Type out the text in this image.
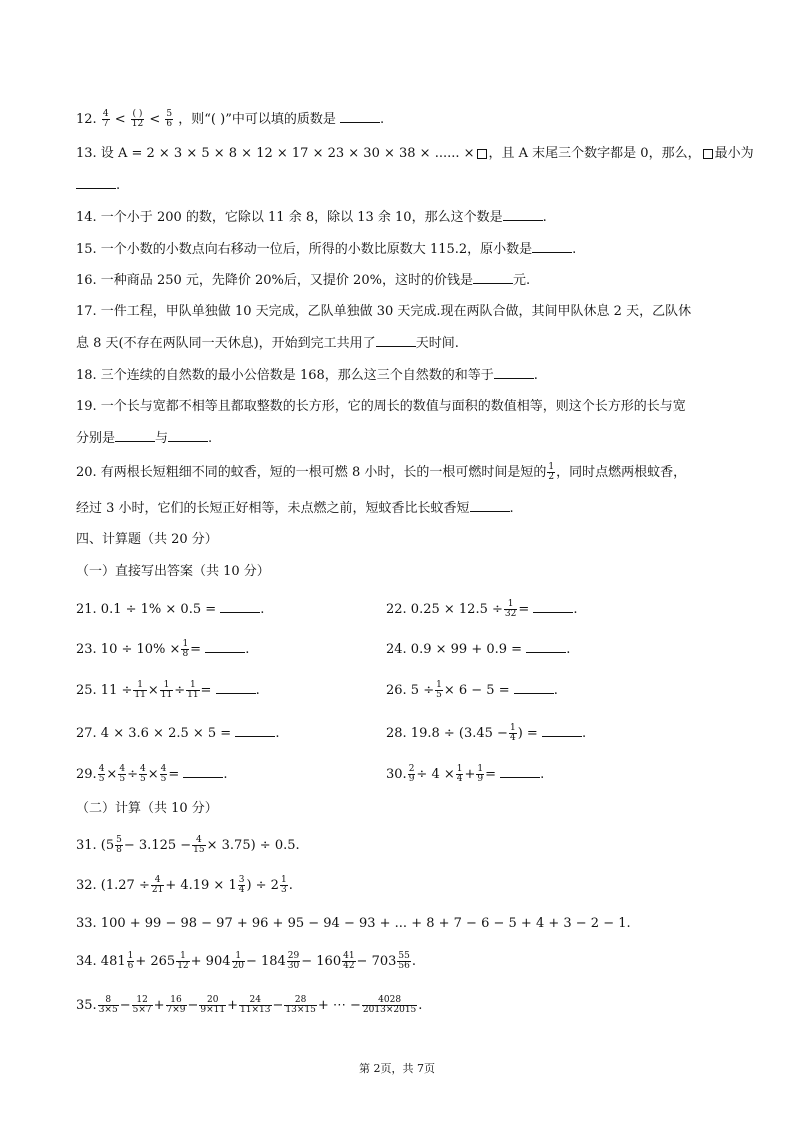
12. $\frac{4}{7} < \frac{( )}{12} < \frac{5}{6}$ ，则“( )”中可以填的质数是	.
13. 设 A = 2 × 3 × 5 × 8 × 12 × 17 × 23 × 30 × 38 × ...... × ，且 A 末尾三个数字都是 0，那么， 最小为
.
14. 一个小于 200 的数，它除以 11 余 8，除以 13 余 10，那么这个数是	.
15. 一个小数的小数点向右移动一位后，所得的小数比原数大 115.2，原小数是	.
16. 一种商品 250 元，先降价 20%后，又提价 20%，这时的价钱是	元.
17. 一件工程，甲队单独做 10 天完成，乙队单独做 30 天完成.现在两队合做，其间甲队休息 2 天，乙队休
息 8 天(不存在两队同一天休息)，开始到完工共用了	天时间.
18. 三个连续的自然数的最小公倍数是 168，那么这三个自然数的和等于	.
19. 一个长与宽都不相等且都取整数的长方形，它的周长的数值与面积的数值相等，则这个长方形的长与宽
分别是	与	.
20. 有两根长短粗细不同的蚊香，短的一根可燃 8 小时，长的一根可燃时间是短的 $\frac{1}{2}$ ，同时点燃两根蚊香，
经过 3 小时，它们的长短正好相等，未点燃之前，短蚊香比长蚊香短	.
四、计算题（共 20 分）
（一）直接写出答案（共 10 分）
21. 0.1 ÷ 1% × 0.5 =	.	22. $0.25 \times 12.5 \div \frac{1}{32}$ =	.
23. $10 \div 10\% \times \frac{1}{8}$ =	.	24. 0.9 × 99 + 0.9 =	.
25. $11 \div \frac{1}{11} \times \frac{1}{11} \div \frac{1}{11}$ =	.	26. $5 \div \frac{1}{5} \times 6 - 5$ =	.
27. 4 × 3.6 × 2.5 × 5 =	.	28. $19.8 \div (3.45 - \frac{1}{4}$ ) =	.
29. $\frac{4}{5} \times \frac{4}{5} \div \frac{4}{5} \times \frac{4}{5}$ =	.	30. $\frac{2}{9} \div 4 \times \frac{1}{4} + \frac{1}{9}$ =	.
（二）计算（共 10 分）
31. $(5 \frac{5}{8} - 3.125 - \frac{4}{15} \times 3.75) \div 0.5$.
32. ($1.27 \div \frac{4}{21} + 4.19 \times 1 \frac{3}{4}$ ) ÷ $2 \frac{1}{3}$ .
33. 100 + 99 − 98 − 97 + 96 + 95 − 94 − 93 + ... + 8 + 7 − 6 − 5 + 4 + 3 − 2 − 1.
34. $481 \frac{1}{6} + 265 \frac{1}{12} + 904 \frac{1}{20} - 184 \frac{29}{30} - 160 \frac{41}{42} - 703 \frac{55}{56}$ .
35. $\frac{8}{3\times 5} - \frac{12}{5\times 7} + \frac{16}{7\times 9} - \frac{20}{9\times 11} + \frac{24}{11\times 13} - \frac{28}{13\times 15}$ + ⋯ − $\frac{4028}{2013\times 2015}$ .
第 2页，共 7页
